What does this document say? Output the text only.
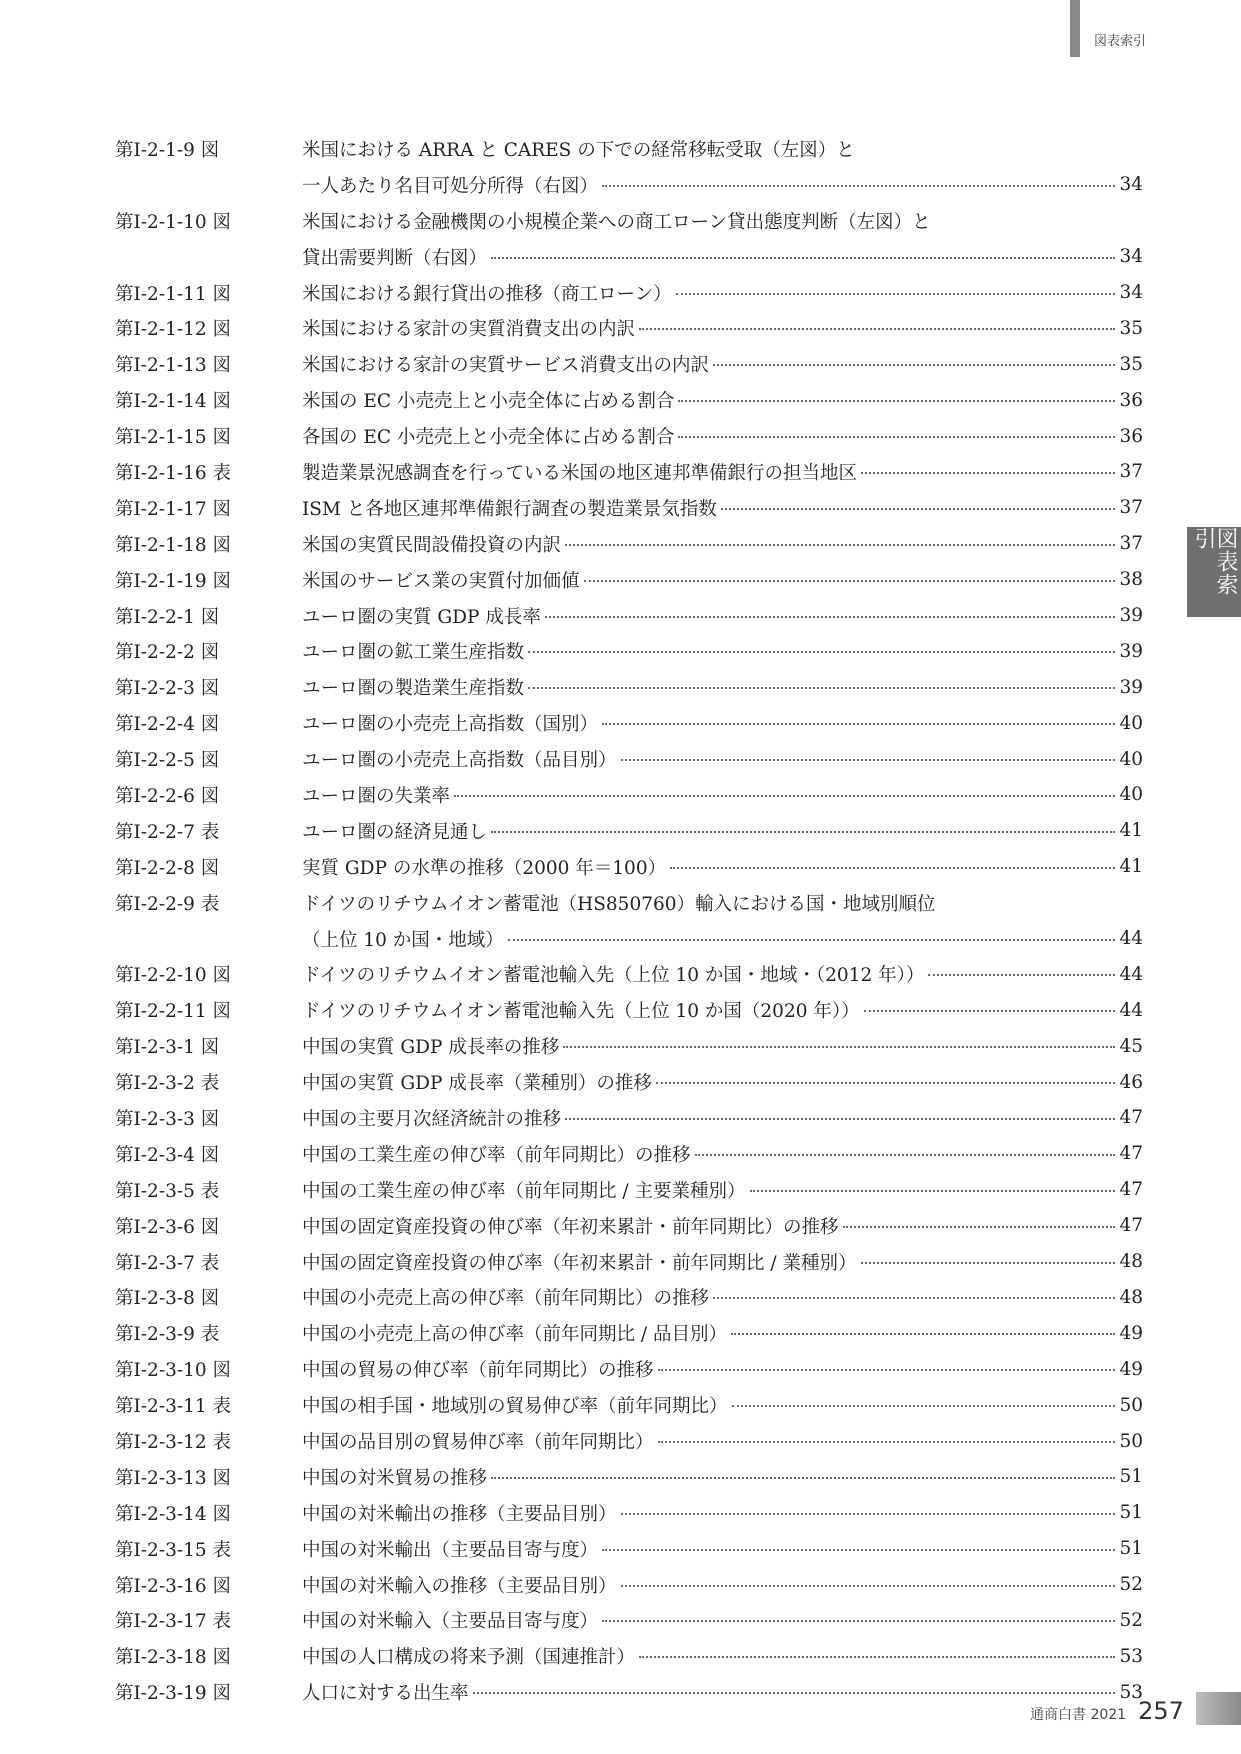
図表索引
図表索引
第Ⅰ-2-1-9 図	米国における ARRA と CARES の下での経常移転受取（左図）と
一人あたり名目可処分所得（右図）	34
第Ⅰ-2-1-10 図	米国における金融機関の小規模企業への商工ローン貸出態度判断（左図）と
貸出需要判断（右図）	34
第Ⅰ-2-1-11 図	米国における銀行貸出の推移（商工ローン）	34
第Ⅰ-2-1-12 図	米国における家計の実質消費支出の内訳	35
第Ⅰ-2-1-13 図	米国における家計の実質サービス消費支出の内訳	35
第Ⅰ-2-1-14 図	米国の EC 小売売上と小売全体に占める割合	36
第Ⅰ-2-1-15 図	各国の EC 小売売上と小売全体に占める割合	36
第Ⅰ-2-1-16 表	製造業景況感調査を行っている米国の地区連邦準備銀行の担当地区	37
第Ⅰ-2-1-17 図	ISM と各地区連邦準備銀行調査の製造業景気指数	37
第Ⅰ-2-1-18 図	米国の実質民間設備投資の内訳	37
第Ⅰ-2-1-19 図	米国のサービス業の実質付加価値	38
第Ⅰ-2-2-1 図	ユーロ圏の実質 GDP 成長率	39
第Ⅰ-2-2-2 図	ユーロ圏の鉱工業生産指数	39
第Ⅰ-2-2-3 図	ユーロ圏の製造業生産指数	39
第Ⅰ-2-2-4 図	ユーロ圏の小売売上高指数（国別）	40
第Ⅰ-2-2-5 図	ユーロ圏の小売売上高指数（品目別）	40
第Ⅰ-2-2-6 図	ユーロ圏の失業率	40
第Ⅰ-2-2-7 表	ユーロ圏の経済見通し	41
第Ⅰ-2-2-8 図	実質 GDP の水準の推移（2000 年＝100）	41
第Ⅰ-2-2-9 表	ドイツのリチウムイオン蓄電池（HS850760）輸入における国・地域別順位
（上位 10 か国・地域）	44
第Ⅰ-2-2-10 図	ドイツのリチウムイオン蓄電池輸入先（上位 10 か国・地域・（2012 年））	44
第Ⅰ-2-2-11 図	ドイツのリチウムイオン蓄電池輸入先（上位 10 か国（2020 年））	44
第Ⅰ-2-3-1 図	中国の実質 GDP 成長率の推移	45
第Ⅰ-2-3-2 表	中国の実質 GDP 成長率（業種別）の推移	46
第Ⅰ-2-3-3 図	中国の主要月次経済統計の推移	47
第Ⅰ-2-3-4 図	中国の工業生産の伸び率（前年同期比）の推移	47
第Ⅰ-2-3-5 表	中国の工業生産の伸び率（前年同期比 / 主要業種別）	47
第Ⅰ-2-3-6 図	中国の固定資産投資の伸び率（年初来累計・前年同期比）の推移	47
第Ⅰ-2-3-7 表	中国の固定資産投資の伸び率（年初来累計・前年同期比 / 業種別）	48
第Ⅰ-2-3-8 図	中国の小売売上高の伸び率（前年同期比）の推移	48
第Ⅰ-2-3-9 表	中国の小売売上高の伸び率（前年同期比 / 品目別）	49
第Ⅰ-2-3-10 図	中国の貿易の伸び率（前年同期比）の推移	49
第Ⅰ-2-3-11 表	中国の相手国・地域別の貿易伸び率（前年同期比）	50
第Ⅰ-2-3-12 表	中国の品目別の貿易伸び率（前年同期比）	50
第Ⅰ-2-3-13 図	中国の対米貿易の推移	51
第Ⅰ-2-3-14 図	中国の対米輸出の推移（主要品目別）	51
第Ⅰ-2-3-15 表	中国の対米輸出（主要品目寄与度）	51
第Ⅰ-2-3-16 図	中国の対米輸入の推移（主要品目別）	52
第Ⅰ-2-3-17 表	中国の対米輸入（主要品目寄与度）	52
第Ⅰ-2-3-18 図	中国の人口構成の将来予測（国連推計）	53
第Ⅰ-2-3-19 図	人口に対する出生率	53
通商白書 2021 257
